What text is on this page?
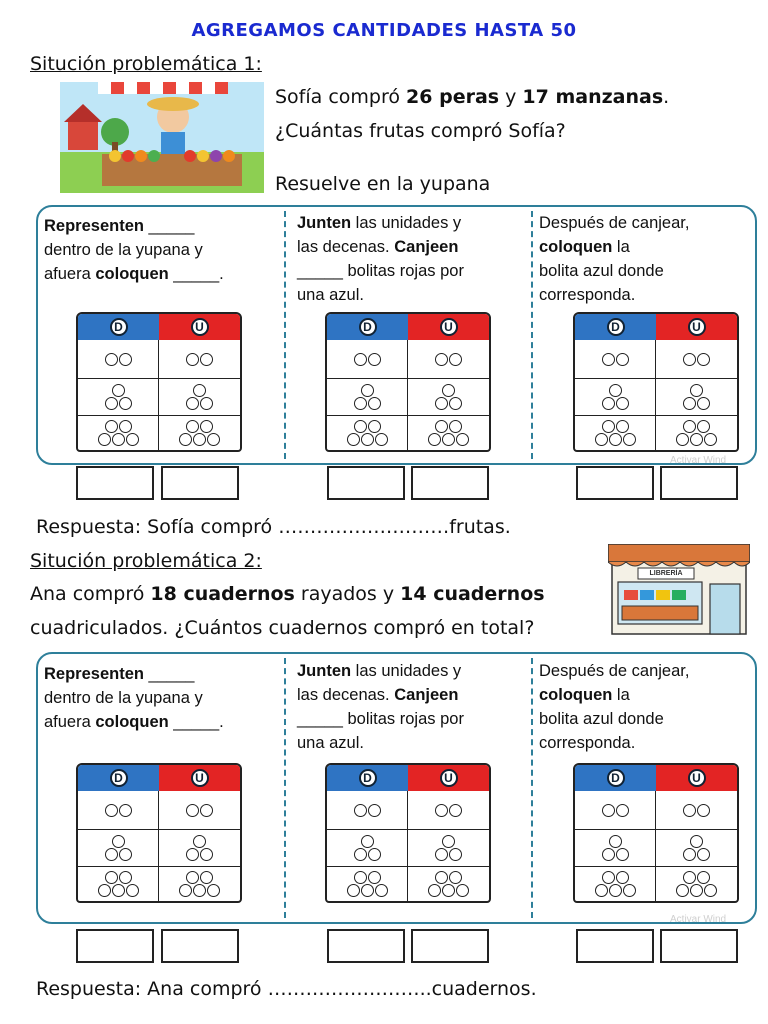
AGREGAMOS CANTIDADES HASTA 50
Situción problemática 1:
Sofía compró 26 peras y 17 manzanas.
¿Cuántas frutas compró Sofía?
Resuelve en la yupana
Activar Wind
Activar Wind
Representen _____
dentro de la yupana y
afuera coloquen _____.
Junten las unidades y
las decenas. Canjeen
_____ bolitas rojas por
una azul.
Después de canjear,
coloquen la
bolita azul donde
corresponda.
Representen _____
dentro de la yupana y
afuera coloquen _____.
Junten las unidades y
las decenas. Canjeen
_____ bolitas rojas por
una azul.
Después de canjear,
coloquen la
bolita azul donde
corresponda.
D	U	D	U	D	U
D	U	D	U	D	U
Respuesta: Sofía compró ………………………frutas.
Situción problemática 2:
Ana compró 18 cuadernos rayados y 14 cuadernos
cuadriculados. ¿Cuántos cuadernos compró en total?
LIBRERÍA
Respuesta: Ana compró ……………………..cuadernos.
